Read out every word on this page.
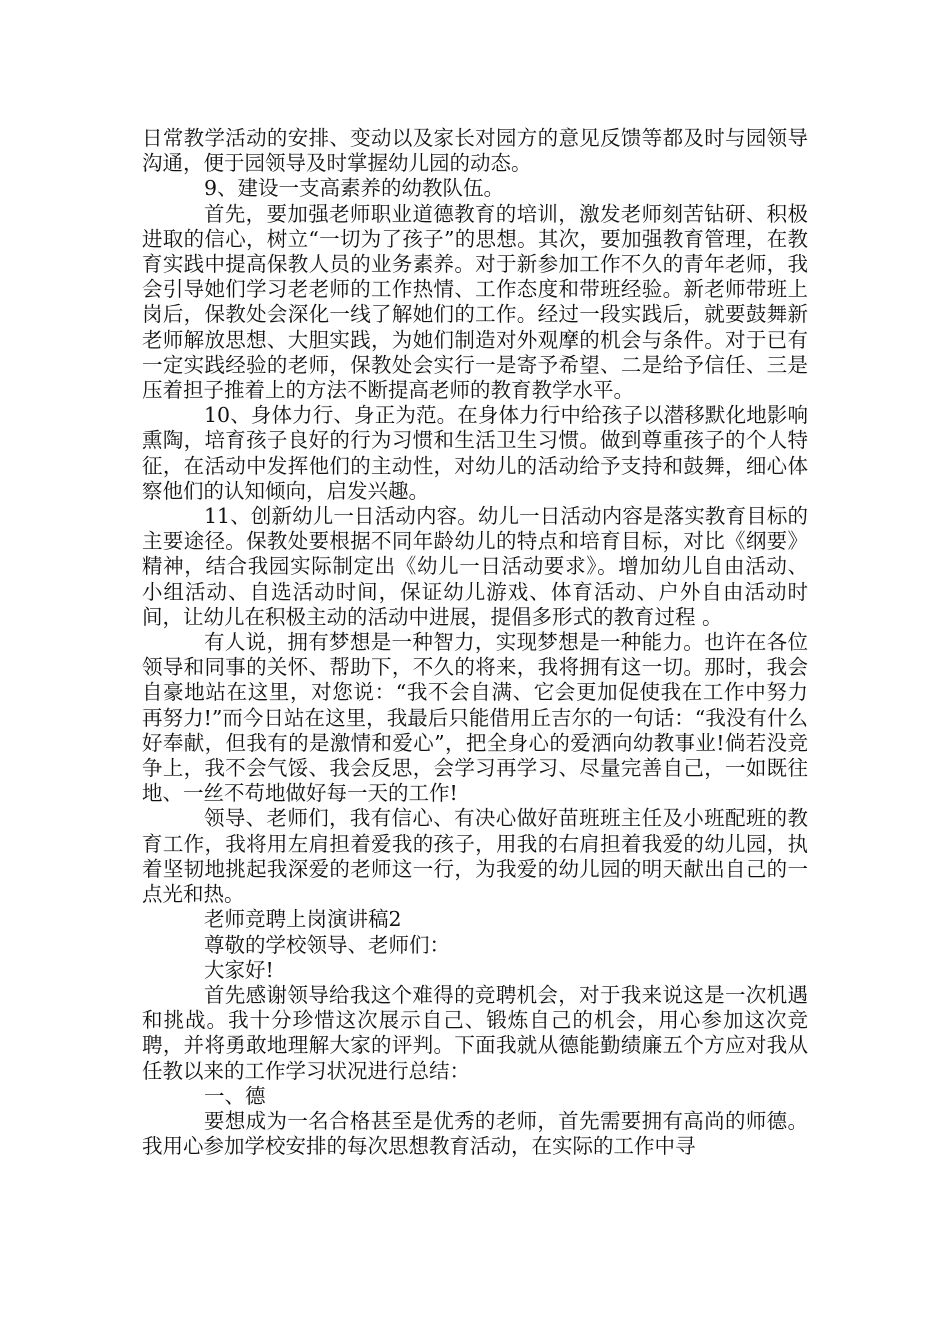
日常教学活动的安排、变动以及家长对园方的意见反馈等都及时与园领导沟通，便于园领导及时掌握幼儿园的动态。

9、建设一支高素养的幼教队伍。

首先，要加强老师职业道德教育的培训，激发老师刻苦钻研、积极进取的信心，树立“一切为了孩子”的思想。其次，要加强教育管理，在教育实践中提高保教人员的业务素养。对于新参加工作不久的青年老师，我会引导她们学习老老师的工作热情、工作态度和带班经验。新老师带班上岗后，保教处会深化一线了解她们的工作。经过一段实践后，就要鼓舞新老师解放思想、大胆实践，为她们制造对外观摩的机会与条件。对于已有一定实践经验的老师，保教处会实行一是寄予希望、二是给予信任、三是压着担子推着上的方法不断提高老师的教育教学水平。

10、身体力行、身正为范。在身体力行中给孩子以潜移默化地影响熏陶，培育孩子良好的行为习惯和生活卫生习惯。做到尊重孩子的个人特征，在活动中发挥他们的主动性，对幼儿的活动给予支持和鼓舞，细心体察他们的认知倾向，启发兴趣。

11、创新幼儿一日活动内容。幼儿一日活动内容是落实教育目标的主要途径。保教处要根据不同年龄幼儿的特点和培育目标，对比《纲要》精神，结合我园实际制定出《幼儿一日活动要求》。增加幼儿自由活动、小组活动、自选活动时间，保证幼儿游戏、体育活动、户外自由活动时间，让幼儿在积极主动的活动中进展，提倡多形式的教育过程 。

有人说，拥有梦想是一种智力，实现梦想是一种能力。也许在各位领导和同事的关怀、帮助下，不久的将来，我将拥有这一切。那时，我会自豪地站在这里，对您说：“我不会自满、它会更加促使我在工作中努力再努力!”而今日站在这里，我最后只能借用丘吉尔的一句话：“我没有什么好奉献，但我有的是激情和爱心”，把全身心的爱洒向幼教事业!倘若没竞争上，我不会气馁、我会反思，会学习再学习、尽量完善自己，一如既往地、一丝不苟地做好每一天的工作!

领导、老师们，我有信心、有决心做好苗班班主任及小班配班的教育工作，我将用左肩担着爱我的孩子，用我的右肩担着我爱的幼儿园，执着坚韧地挑起我深爱的老师这一行，为我爱的幼儿园的明天献出自己的一点光和热。

老师竞聘上岗演讲稿2

尊敬的学校领导、老师们：

大家好!

首先感谢领导给我这个难得的竞聘机会，对于我来说这是一次机遇和挑战。我十分珍惜这次展示自己、锻炼自己的机会，用心参加这次竞聘，并将勇敢地理解大家的评判。下面我就从德能勤绩廉五个方应对我从任教以来的工作学习状况进行总结：

一、德

要想成为一名合格甚至是优秀的老师，首先需要拥有高尚的师德。我用心参加学校安排的每次思想教育活动，在实际的工作中寻
